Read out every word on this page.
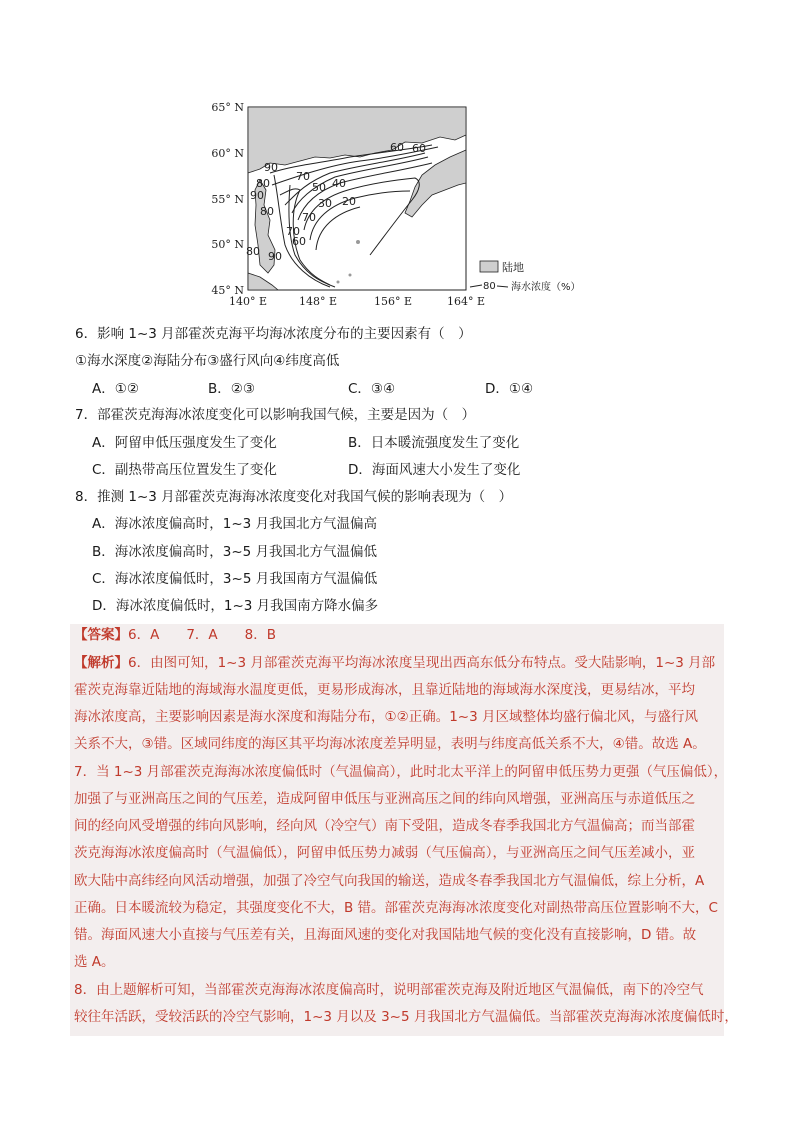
90
80
70
60
50 40
30 20
90
80	70
60
90
80
70
60
65° N
60° N
55° N
50° N
45° N
140° E	148° E	156° E	164° E
陆地
80 海水浓度（%）
6．影响 1~3 月部霍茨克海平均海冰浓度分布的主要因素有（　）
①海水深度②海陆分布③盛行风向④纬度高低
A．①②	B．②③	C．③④	D．①④
7．部霍茨克海海冰浓度变化可以影响我国气候，主要是因为（　）
A．阿留申低压强度发生了变化	B．日本暖流强度发生了变化
C．副热带高压位置发生了变化	D．海面风速大小发生了变化
8．推测 1~3 月部霍茨克海海冰浓度变化对我国气候的影响表现为（　）
A．海冰浓度偏高时，1~3 月我国北方气温偏高
B．海冰浓度偏高时，3~5 月我国北方气温偏低
C．海冰浓度偏低时，3~5 月我国南方气温偏低
D．海冰浓度偏低时，1~3 月我国南方降水偏多
【答案】6．A　　7．A　　8．B
【解析】6．由图可知，1~3 月部霍茨克海平均海冰浓度呈现出西高东低分布特点。受大陆影响，1~3 月部
霍茨克海靠近陆地的海域海水温度更低，更易形成海冰，且靠近陆地的海域海水深度浅，更易结冰，平均
海冰浓度高，主要影响因素是海水深度和海陆分布，①②正确。1~3 月区域整体均盛行偏北风，与盛行风
关系不大，③错。区域同纬度的海区其平均海冰浓度差异明显，表明与纬度高低关系不大，④错。故选 A。
7．当 1~3 月部霍茨克海海冰浓度偏低时（气温偏高），此时北太平洋上的阿留申低压势力更强（气压偏低），
加强了与亚洲高压之间的气压差，造成阿留申低压与亚洲高压之间的纬向风增强，亚洲高压与赤道低压之
间的经向风受增强的纬向风影响，经向风（冷空气）南下受阻，造成冬春季我国北方气温偏高；而当部霍
茨克海海冰浓度偏高时（气温偏低），阿留申低压势力减弱（气压偏高），与亚洲高压之间气压差减小，亚
欧大陆中高纬经向风活动增强，加强了冷空气向我国的输送，造成冬春季我国北方气温偏低，综上分析，A
正确。日本暖流较为稳定，其强度变化不大，B 错。部霍茨克海海冰浓度变化对副热带高压位置影响不大，C
错。海面风速大小直接与气压差有关，且海面风速的变化对我国陆地气候的变化没有直接影响，D 错。故
选 A。
8．由上题解析可知，当部霍茨克海海冰浓度偏高时，说明部霍茨克海及附近地区气温偏低，南下的冷空气
较往年活跃，受较活跃的冷空气影响，1~3 月以及 3~5 月我国北方气温偏低。当部霍茨克海海冰浓度偏低时，
